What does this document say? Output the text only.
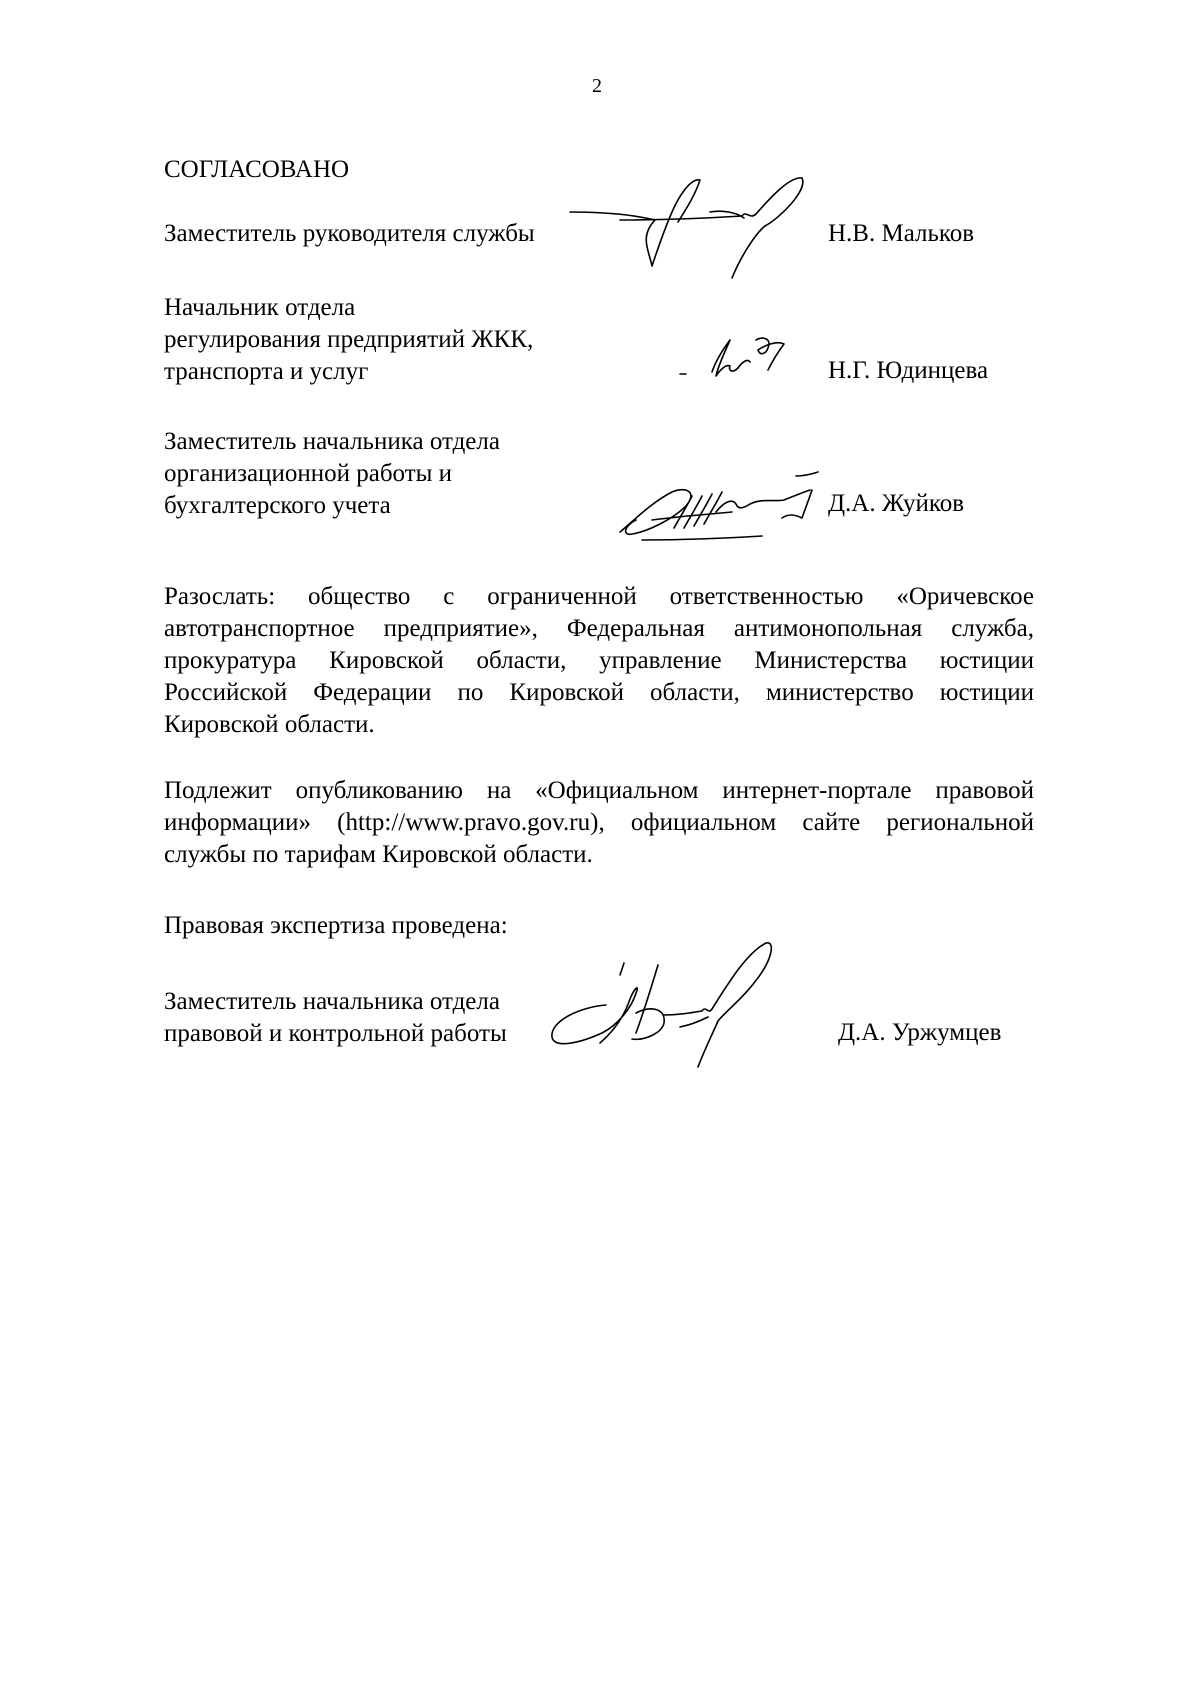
2
СОГЛАСОВАНО
Заместитель руководителя службы	Н.В. Мальков
Начальник отдела
регулирования предприятий ЖКК,
транспорта и услуг	Н.Г. Юдинцева
Заместитель начальника отдела
организационной работы и
бухгалтерского учета	Д.А. Жуйков
Разослать: общество с ограниченной ответственностью «Оричевское
автотранспортное предприятие», Федеральная антимонопольная служба,
прокуратура Кировской области, управление Министерства юстиции
Российской Федерации по Кировской области, министерство юстиции
Кировской области.
Подлежит опубликованию на «Официальном интернет-портале правовой
информации» (http://www.pravo.gov.ru), официальном сайте региональной
службы по тарифам Кировской области.
Правовая экспертиза проведена:
Заместитель начальника отдела
правовой и контрольной работы	Д.А. Уржумцев
